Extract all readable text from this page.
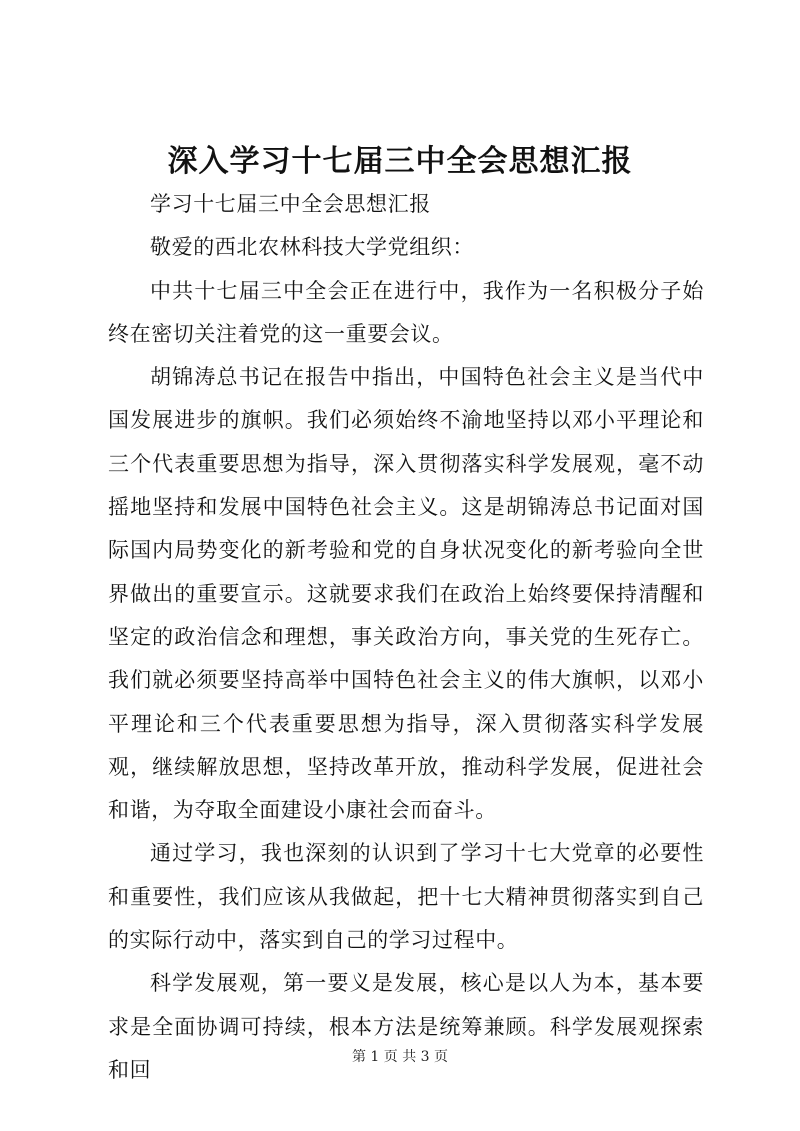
深入学习十七届三中全会思想汇报

学习十七届三中全会思想汇报

敬爱的西北农林科技大学党组织：

中共十七届三中全会正在进行中，我作为一名积极分子始终在密切关注着党的这一重要会议。

胡锦涛总书记在报告中指出，中国特色社会主义是当代中国发展进步的旗帜。我们必须始终不渝地坚持以邓小平理论和三个代表重要思想为指导，深入贯彻落实科学发展观，毫不动摇地坚持和发展中国特色社会主义。这是胡锦涛总书记面对国际国内局势变化的新考验和党的自身状况变化的新考验向全世界做出的重要宣示。这就要求我们在政治上始终要保持清醒和坚定的政治信念和理想，事关政治方向，事关党的生死存亡。我们就必须要坚持高举中国特色社会主义的伟大旗帜，以邓小平理论和三个代表重要思想为指导，深入贯彻落实科学发展观，继续解放思想，坚持改革开放，推动科学发展，促进社会和谐，为夺取全面建设小康社会而奋斗。

通过学习，我也深刻的认识到了学习十七大党章的必要性和重要性，我们应该从我做起，把十七大精神贯彻落实到自己的实际行动中，落实到自己的学习过程中。

科学发展观，第一要义是发展，核心是以人为本，基本要求是全面协调可持续，根本方法是统筹兼顾。科学发展观探索和回

第 1 页 共 3 页
